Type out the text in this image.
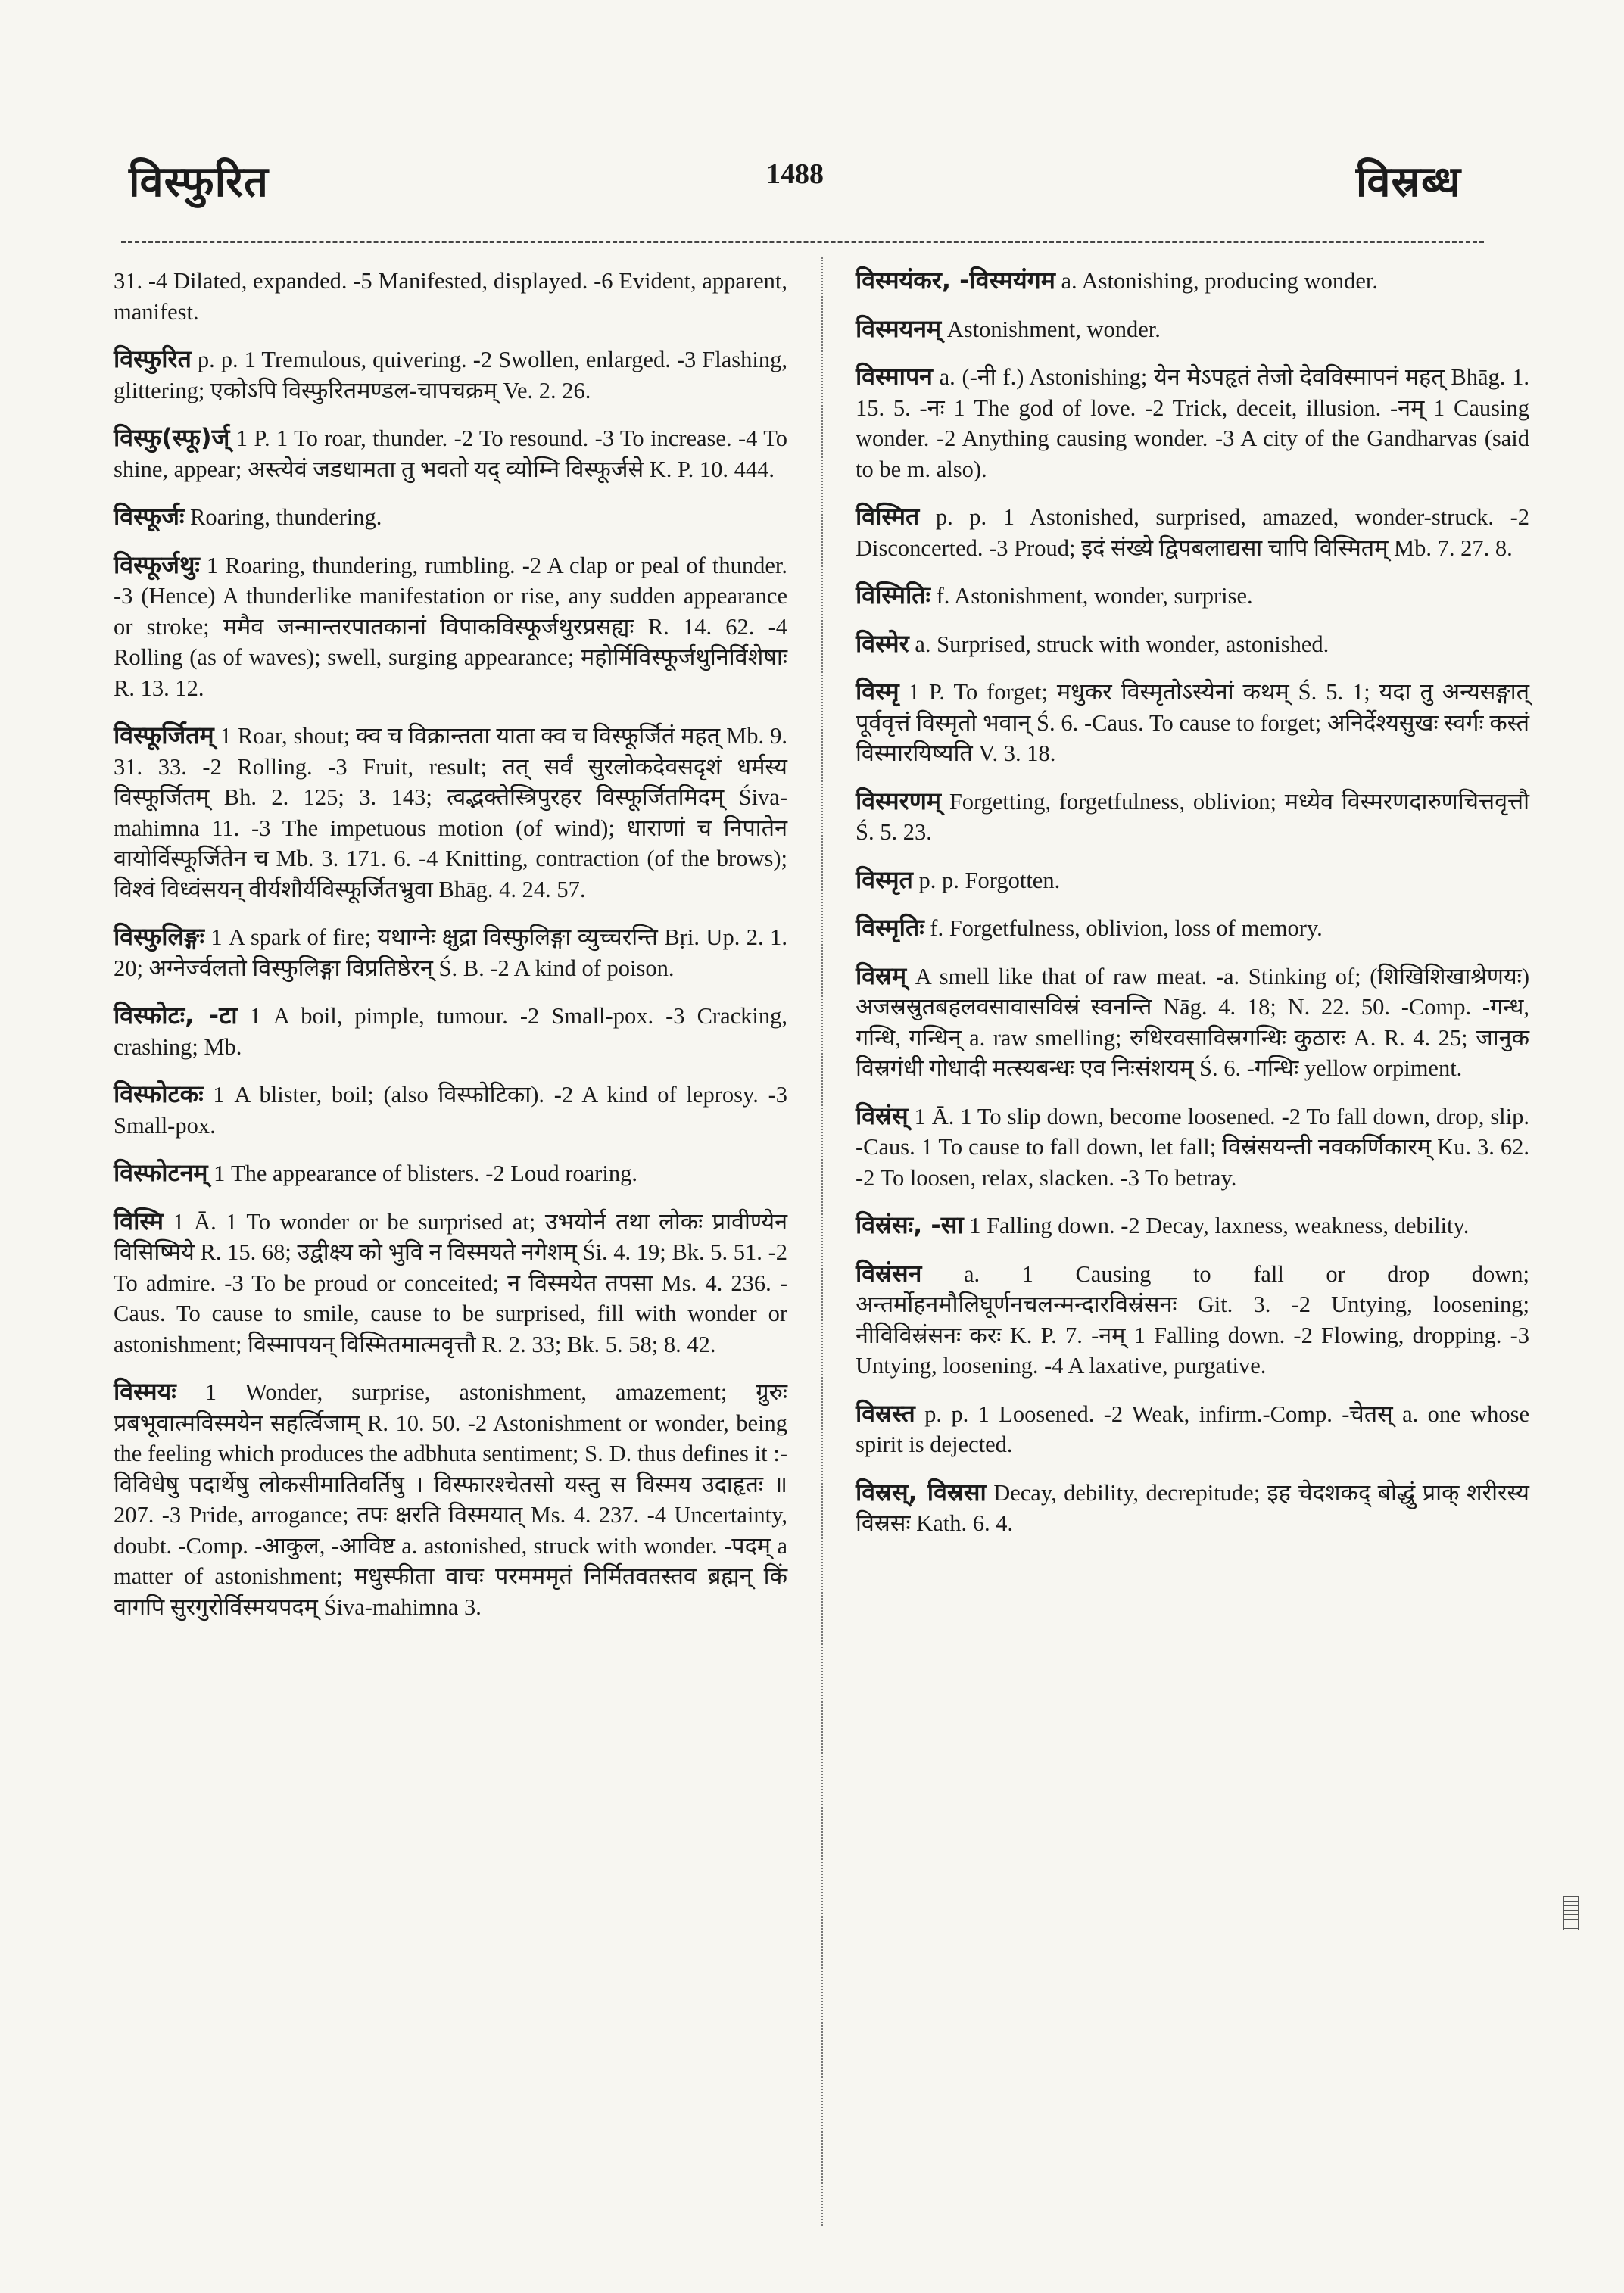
विस्फुरित	1488	विस्रब्ध
31. -4 Dilated, expanded. -5 Manifested, displayed. -6 Evident, apparent, manifest.
विस्फुरित p. p. 1 Tremulous, quivering. -2 Swollen, enlarged. -3 Flashing, glittering; एकोऽपि विस्फुरितमण्डल-चापचक्रम् Ve. 2. 26.
विस्फु(स्फू)र्ज् 1 P. 1 To roar, thunder. -2 To resound. -3 To increase. -4 To shine, appear; अस्त्येवं जडधामता तु भवतो यद् व्योम्नि विस्फूर्जसे K. P. 10. 444.
विस्फूर्जः Roaring, thundering.
विस्फूर्जथुः 1 Roaring, thundering, rumbling. -2 A clap or peal of thunder. -3 (Hence) A thunderlike manifestation or rise, any sudden appearance or stroke; ममैव जन्मान्तरपातकानां विपाकविस्फूर्जथुरप्रसह्यः R. 14. 62. -4 Rolling (as of waves); swell, surging appearance; महोर्मिविस्फूर्जथुनिर्विशेषाः R. 13. 12.
विस्फूर्जितम् 1 Roar, shout; क्व च विक्रान्तता याता क्व च विस्फूर्जितं महत् Mb. 9. 31. 33. -2 Rolling. -3 Fruit, result; तत् सर्वं सुरलोकदेवसदृशं धर्मस्य विस्फूर्जितम् Bh. 2. 125; 3. 143; त्वद्भक्तेस्त्रिपुरहर विस्फूर्जितमिदम् Śiva-mahimna 11. -3 The impetuous motion (of wind); धाराणां च निपातेन वायोर्विस्फूर्जितेन च Mb. 3. 171. 6. -4 Knitting, contraction (of the brows); विश्वं विध्वंसयन् वीर्यशौर्यविस्फूर्जितभ्रुवा Bhāg. 4. 24. 57.
विस्फुलिङ्गः 1 A spark of fire; यथाग्नेः क्षुद्रा विस्फुलिङ्गा व्युच्चरन्ति Bṛi. Up. 2. 1. 20; अग्नेर्ज्वलतो विस्फुलिङ्गा विप्रतिष्ठेरन् Ś. B. -2 A kind of poison.
विस्फोटः, -टा 1 A boil, pimple, tumour. -2 Small-pox. -3 Cracking, crashing; Mb.
विस्फोटकः 1 A blister, boil; (also विस्फोटिका). -2 A kind of leprosy. -3 Small-pox.
विस्फोटनम् 1 The appearance of blisters. -2 Loud roaring.
विस्मि 1 Ā. 1 To wonder or be surprised at; उभयोर्न तथा लोकः प्रावीण्येन विसिष्मिये R. 15. 68; उद्वीक्ष्य को भुवि न विस्मयते नगेशम् Śi. 4. 19; Bk. 5. 51. -2 To admire. -3 To be proud or conceited; न विस्मयेत तपसा Ms. 4. 236. -Caus. To cause to smile, cause to be surprised, fill with wonder or astonishment; विस्मापयन् विस्मितमात्मवृत्तौ R. 2. 33; Bk. 5. 58; 8. 42.
विस्मयः 1 Wonder, surprise, astonishment, amazement; ग्रुरुः प्रबभूवात्मविस्मयेन सहर्त्विजाम् R. 10. 50. -2 Astonishment or wonder, being the feeling which produces the adbhuta sentiment; S. D. thus defines it :- विविधेषु पदार्थेषु लोकसीमातिवर्तिषु । विस्फारश्चेतसो यस्तु स विस्मय उदाहृतः ॥ 207. -3 Pride, arrogance; तपः क्षरति विस्मयात् Ms. 4. 237. -4 Uncertainty, doubt. -Comp. -आकुल, -आविष्ट a. astonished, struck with wonder. -पदम् a matter of astonishment; मधुस्फीता वाचः परमममृतं निर्मितवतस्तव ब्रह्मन् किं वागपि सुरगुरोर्विस्मयपदम् Śiva-mahimna 3.
विस्मयंकर, -विस्मयंगम a. Astonishing, producing wonder.
विस्मयनम् Astonishment, wonder.
विस्मापन a. (-नी f.) Astonishing; येन मेऽपहृतं तेजो देवविस्मापनं महत् Bhāg. 1. 15. 5. -नः 1 The god of love. -2 Trick, deceit, illusion. -नम् 1 Causing wonder. -2 Anything causing wonder. -3 A city of the Gandharvas (said to be m. also).
विस्मित p. p. 1 Astonished, surprised, amazed, wonder-struck. -2 Disconcerted. -3 Proud; इदं संख्ये द्विपबलाद्यसा चापि विस्मितम् Mb. 7. 27. 8.
विस्मितिः f. Astonishment, wonder, surprise.
विस्मेर a. Surprised, struck with wonder, astonished.
विस्मृ 1 P. To forget; मधुकर विस्मृतोऽस्येनां कथम् Ś. 5. 1; यदा तु अन्यसङ्गात् पूर्ववृत्तं विस्मृतो भवान् Ś. 6. -Caus. To cause to forget; अनिर्देश्यसुखः स्वर्गः कस्तं विस्मारयिष्यति V. 3. 18.
विस्मरणम् Forgetting, forgetfulness, oblivion; मध्येव विस्मरणदारुणचित्तवृत्तौ Ś. 5. 23.
विस्मृत p. p. Forgotten.
विस्मृतिः f. Forgetfulness, oblivion, loss of memory.
विस्रम् A smell like that of raw meat. -a. Stinking of; (शिखिशिखाश्रेणयः) अजस्रस्रुतबहलवसावासविस्रं स्वनन्ति Nāg. 4. 18; N. 22. 50. -Comp. -गन्ध, गन्धि, गन्धिन् a. raw smelling; रुधिरवसाविस्रगन्धिः कुठारः A. R. 4. 25; जानुक विस्रगंधी गोधादी मत्स्यबन्धः एव निःसंशयम् Ś. 6. -गन्धिः yellow orpiment.
विस्रंस् 1 Ā. 1 To slip down, become loosened. -2 To fall down, drop, slip. -Caus. 1 To cause to fall down, let fall; विस्रंसयन्ती नवकर्णिकारम् Ku. 3. 62. -2 To loosen, relax, slacken. -3 To betray.
विस्रंसः, -सा 1 Falling down. -2 Decay, laxness, weakness, debility.
विस्रंसन a. 1 Causing to fall or drop down; अन्तर्मोहनमौलिघूर्णनचलन्मन्दारविस्रंसनः Git. 3. -2 Untying, loosening; नीविविस्रंसनः करः K. P. 7. -नम् 1 Falling down. -2 Flowing, dropping. -3 Untying, loosening. -4 A laxative, purgative.
विस्रस्त p. p. 1 Loosened. -2 Weak, infirm.-Comp. -चेतस् a. one whose spirit is dejected.
विस्रस्, विस्रसा Decay, debility, decrepitude; इह चेदशकद् बोद्धुं प्राक् शरीरस्य विस्रसः Kath. 6. 4.
